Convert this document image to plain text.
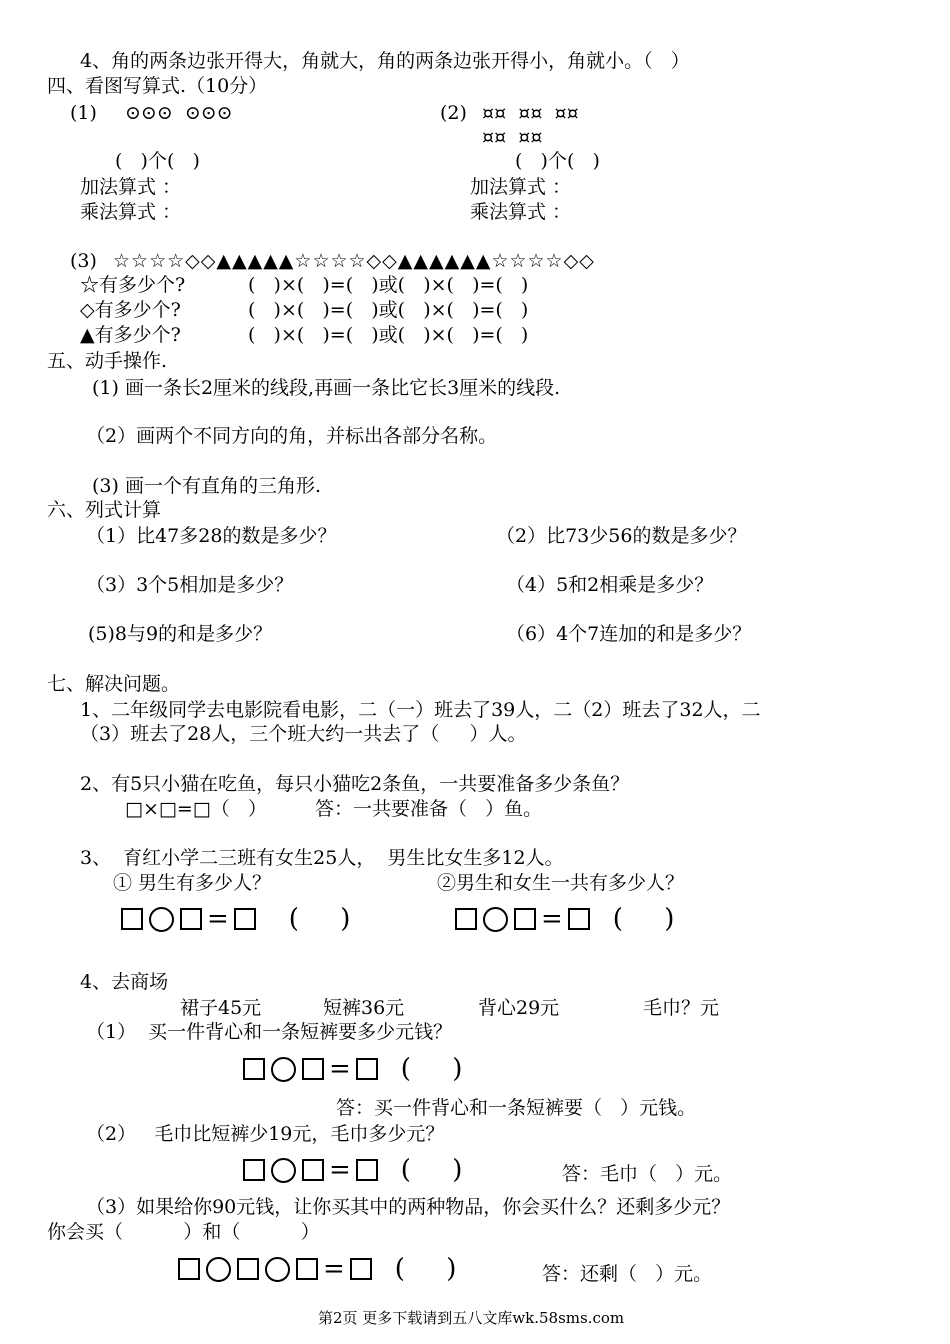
4、角的两条边张开得大，角就大，角的两条边张开得小，角就小。（   ）
四、看图写算式.（10分）
(1) ⊙⊙⊙  ⊙⊙⊙
(   )个(   )
加法算式 ：
乘法算式 ：
(2) ¤¤  ¤¤  ¤¤
¤¤  ¤¤
(   )个(   )
加法算式 ：
乘法算式 ：
(3) ☆☆☆☆◇◇▲▲▲▲▲☆☆☆☆◇◇▲▲▲▲▲▲☆☆☆☆◇◇
☆有多少个?	(   )×(   )=(   )或(   )×(   )=(   )
◇有多少个?	(   )×(   )=(   )或(   )×(   )=(   )
▲有多少个?	(   )×(   )=(   )或(   )×(   )=(   )
五、动手操作.
(1) 画一条长2厘米的线段,再画一条比它长3厘米的线段.
（2）画两个不同方向的角，并标出各部分名称。
(3) 画一个有直角的三角形.
六、列式计算
（1）比47多28的数是多少？	（2）比73少56的数是多少？
（3）3个5相加是多少？	（4）5和2相乘是多少？
(5)8与9的和是多少？	（6）4个7连加的和是多少？
七、解决问题。
1、二年级同学去电影院看电影，二（一）班去了39人，二（2）班去了32人，二
（3）班去了28人，三个班大约一共去了（     ）人。
2、有5只小猫在吃鱼，每只小猫吃2条鱼，一共要准备多少条鱼？
□×□=□（   ）	答：一共要准备（   ）鱼。
3、  育红小学二三班有女生25人，  男生比女生多12人。
① 男生有多少人？	②男生和女生一共有多少人？
= (     )	= (     )
4、去商场
裙子45元	短裤36元	背心29元	毛巾？元
（1）  买一件背心和一条短裤要多少元钱？
= (     )
答：买一件背心和一条短裤要（   ）元钱。
（2）   毛巾比短裤少19元，毛巾多少元？
= (     )	答：毛巾（   ）元。
（3）如果给你90元钱，让你买其中的两种物品，你会买什么？还剩多少元？
你会买（          ）和（          ）
= (     )	答：还剩（   ）元。
第2页 更多下载请到五八文库wk.58sms.com
